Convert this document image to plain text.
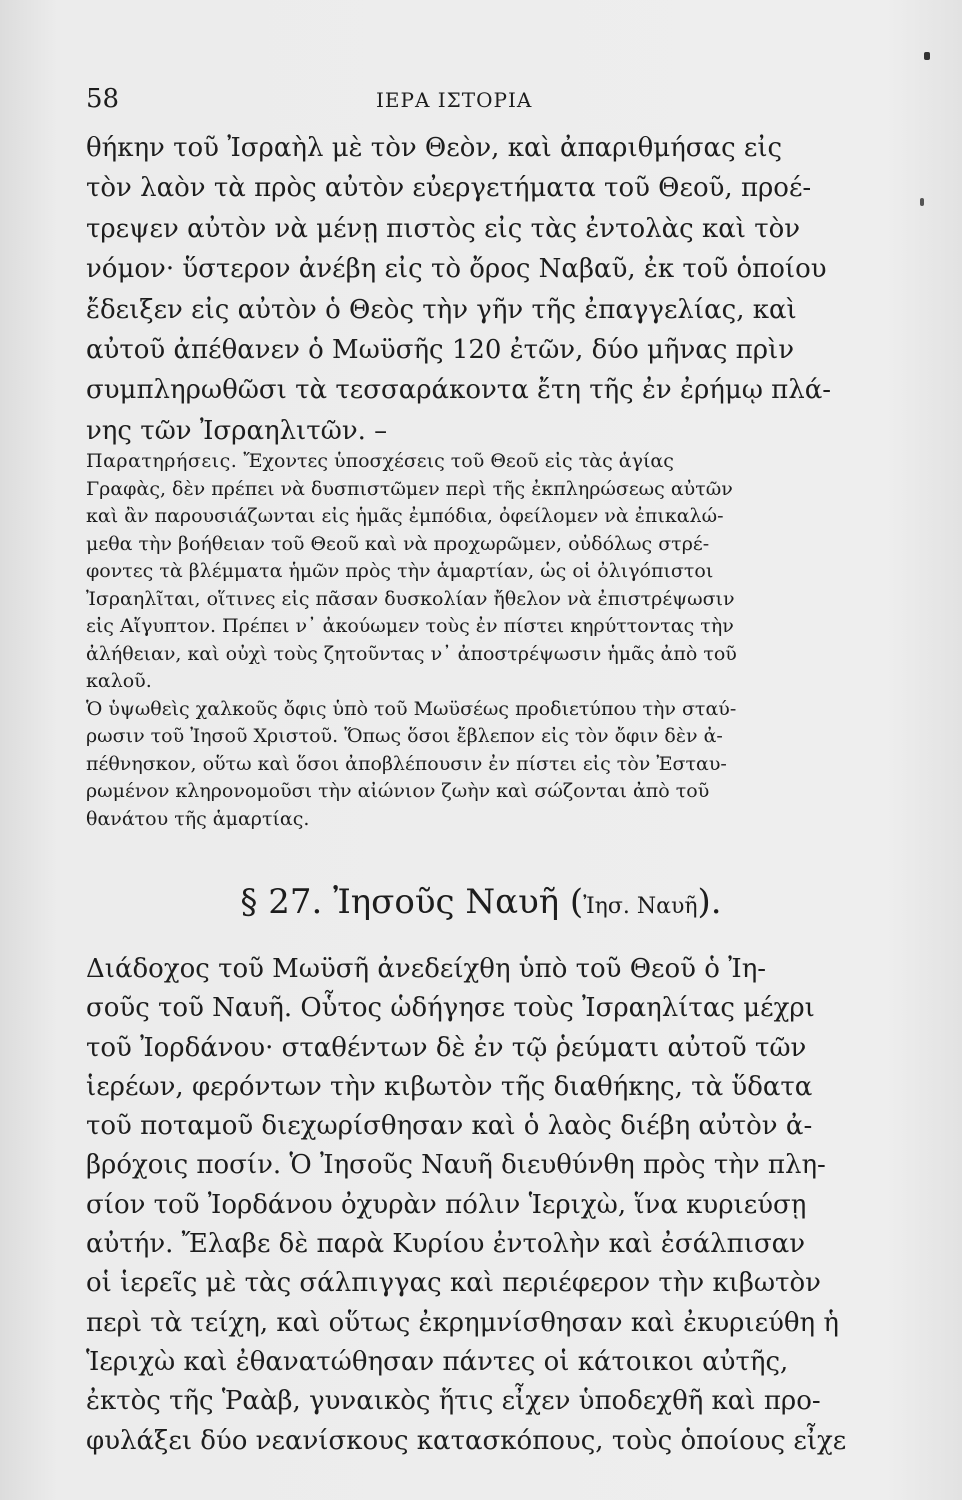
58	ΙΕΡΑ ΙΣΤΟΡΙΑ
θήκην τοῦ Ἰσραὴλ μὲ τὸν Θεὸν, καὶ ἀπαριθμήσας εἰς
τὸν λαὸν τὰ πρὸς αὐτὸν εὐεργετήματα τοῦ Θεοῦ, προέ-
τρεψεν αὐτὸν νὰ μένῃ πιστὸς εἰς τὰς ἐντολὰς καὶ τὸν
νόμον· ὕστερον ἀνέβη εἰς τὸ ὄρος Ναβαῦ, ἐκ τοῦ ὁποίου
ἔδειξεν εἰς αὐτὸν ὁ Θεὸς τὴν γῆν τῆς ἐπαγγελίας, καὶ
αὐτοῦ ἀπέθανεν ὁ Μωϋσῆς 120 ἐτῶν, δύο μῆνας πρὶν
συμπληρωθῶσι τὰ τεσσαράκοντα ἔτη τῆς ἐν ἐρήμῳ πλά-
νης τῶν Ἰσραηλιτῶν. –
Παρατηρήσεις. Ἔχοντες ὑποσχέσεις τοῦ Θεοῦ εἰς τὰς ἁγίας
Γραφὰς, δὲν πρέπει νὰ δυσπιστῶμεν περὶ τῆς ἐκπληρώσεως αὐτῶν
καὶ ἂν παρουσιάζωνται εἰς ἡμᾶς ἐμπόδια, ὀφείλομεν νὰ ἐπικαλώ-
μεθα τὴν βοήθειαν τοῦ Θεοῦ καὶ νὰ προχωρῶμεν, οὐδόλως στρέ-
φοντες τὰ βλέμματα ἡμῶν πρὸς τὴν ἁμαρτίαν, ὡς οἱ ὀλιγόπιστοι
Ἰσραηλῖται, οἵτινες εἰς πᾶσαν δυσκολίαν ἤθελον νὰ ἐπιστρέψωσιν
εἰς Αἴγυπτον. Πρέπει ν᾽ ἀκούωμεν τοὺς ἐν πίστει κηρύττοντας τὴν
ἀλήθειαν, καὶ οὐχὶ τοὺς ζητοῦντας ν᾽ ἀποστρέψωσιν ἡμᾶς ἀπὸ τοῦ
καλοῦ.
Ὁ ὑψωθεὶς χαλκοῦς ὄφις ὑπὸ τοῦ Μωϋσέως προδιετύπου τὴν σταύ-
ρωσιν τοῦ Ἰησοῦ Χριστοῦ. Ὅπως ὅσοι ἔβλεπον εἰς τὸν ὄφιν δὲν ἀ-
πέθνησκον, οὕτω καὶ ὅσοι ἀποβλέπουσιν ἐν πίστει εἰς τὸν Ἐσταυ-
ρωμένον κληρονομοῦσι τὴν αἰώνιον ζωὴν καὶ σώζονται ἀπὸ τοῦ
θανάτου τῆς ἁμαρτίας.
§ 27. Ἰησοῦς Ναυῆ (Ἰησ. Ναυῆ).
Διάδοχος τοῦ Μωϋσῆ ἀνεδείχθη ὑπὸ τοῦ Θεοῦ ὁ Ἰη-
σοῦς τοῦ Ναυῆ. Οὗτος ὡδήγησε τοὺς Ἰσραηλίτας μέχρι
τοῦ Ἰορδάνου· σταθέντων δὲ ἐν τῷ ῥεύματι αὐτοῦ τῶν
ἱερέων, φερόντων τὴν κιβωτὸν τῆς διαθήκης, τὰ ὕδατα
τοῦ ποταμοῦ διεχωρίσθησαν καὶ ὁ λαὸς διέβη αὐτὸν ἀ-
βρόχοις ποσίν. Ὁ Ἰησοῦς Ναυῆ διευθύνθη πρὸς τὴν πλη-
σίον τοῦ Ἰορδάνου ὀχυρὰν πόλιν Ἱεριχὼ, ἵνα κυριεύσῃ
αὐτήν. Ἔλαβε δὲ παρὰ Κυρίου ἐντολὴν καὶ ἐσάλπισαν
οἱ ἱερεῖς μὲ τὰς σάλπιγγας καὶ περιέφερον τὴν κιβωτὸν
περὶ τὰ τείχη, καὶ οὕτως ἐκρημνίσθησαν καὶ ἐκυριεύθη ἡ
Ἱεριχὼ καὶ ἐθανατώθησαν πάντες οἱ κάτοικοι αὐτῆς,
ἐκτὸς τῆς Ῥαὰβ, γυναικὸς ἥτις εἶχεν ὑποδεχθῆ καὶ προ-
φυλάξει δύο νεανίσκους κατασκόπους, τοὺς ὁποίους εἶχε
